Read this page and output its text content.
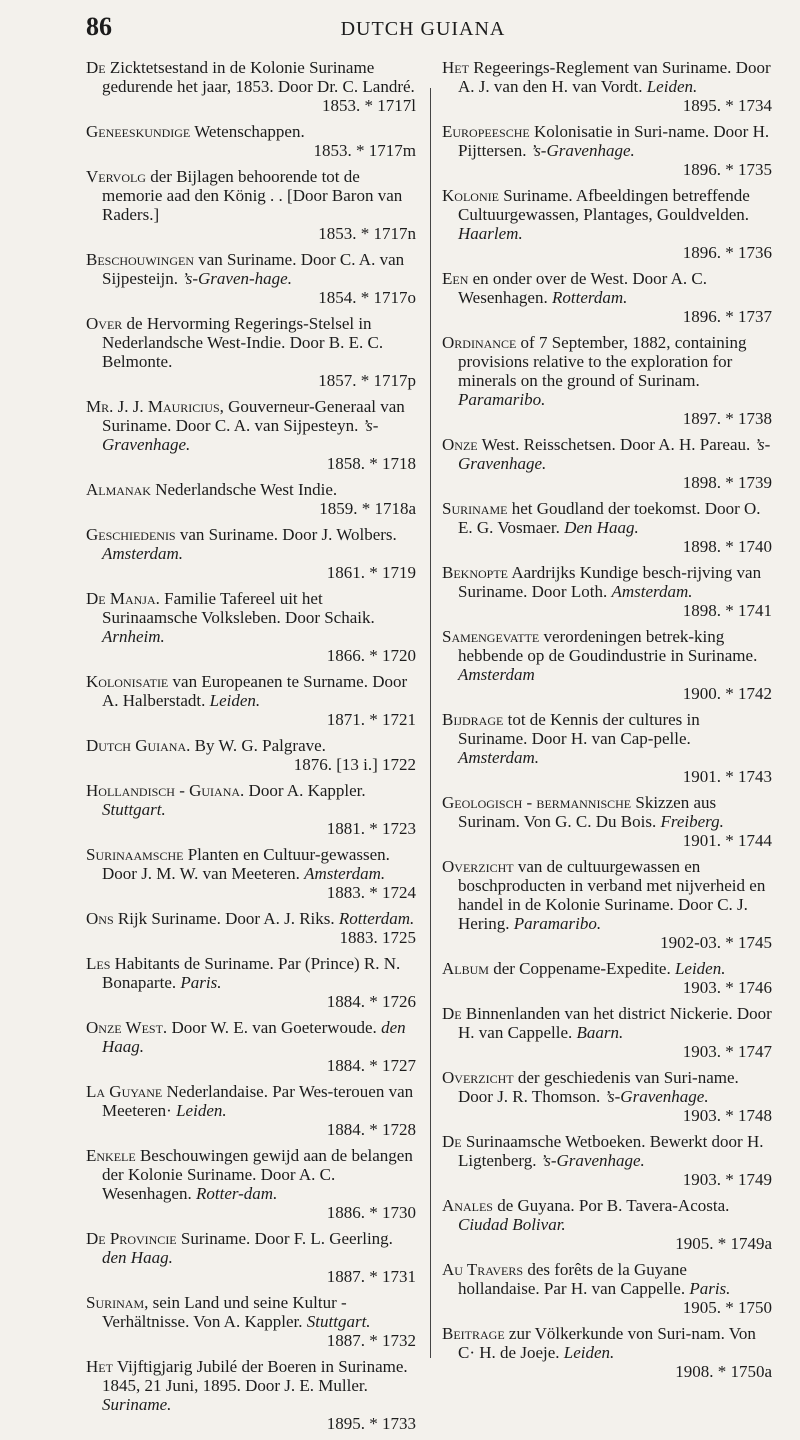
86	DUTCH GUIANA
De Zicktetsestand in de Kolonie Suriname gedurende het jaar, 1853. Door Dr. C. Landré.
1853. * 1717l
Geneeskundige Wetenschappen.
1853. * 1717m
Vervolg der Bijlagen behoorende tot de memorie aad den König . . [Door Baron van Raders.]
1853. * 1717n
Beschouwingen van Suriname. Door C. A. van Sijpesteijn. ’s-Graven-hage.
1854. * 1717o
Over de Hervorming Regerings-Stelsel in Nederlandsche West-Indie. Door B. E. C. Belmonte.
1857. * 1717p
Mr. J. J. Mauricius, Gouverneur-Generaal van Suriname. Door C. A. van Sijpesteyn. ’s-Gravenhage.
1858. * 1718
Almanak Nederlandsche West Indie.
1859. * 1718a
Geschiedenis van Suriname. Door J. Wolbers. Amsterdam.
1861. * 1719
De Manja. Familie Tafereel uit het Surinaamsche Volksleben. Door Schaik. Arnheim.
1866. * 1720
Kolonisatie van Europeanen te Surname. Door A. Halberstadt. Leiden.
1871. * 1721
Dutch Guiana. By W. G. Palgrave.
1876. [13 i.] 1722
Hollandisch - Guiana. Door A. Kappler. Stuttgart.
1881. * 1723
Surinaamsche Planten en Cultuur-gewassen. Door J. M. W. van Meeteren. Amsterdam.
1883. * 1724
Ons Rijk Suriname. Door A. J. Riks. Rotterdam.
1883. 1725
Les Habitants de Suriname. Par (Prince) R. N. Bonaparte. Paris.
1884. * 1726
Onze West. Door W. E. van Goeterwoude. den Haag.
1884. * 1727
La Guyane Nederlandaise. Par Wes-terouen van Meeteren· Leiden.
1884. * 1728
Enkele Beschouwingen gewijd aan de belangen der Kolonie Suriname. Door A. C. Wesenhagen. Rotter-dam.
1886. * 1730
De Provincie Suriname. Door F. L. Geerling. den Haag.
1887. * 1731
Surinam, sein Land und seine Kultur - Verhältnisse. Von A. Kappler. Stuttgart.
1887. * 1732
Het Vijftigjarig Jubilé der Boeren in Suriname. 1845, 21 Juni, 1895. Door J. E. Muller. Suriname.
1895. * 1733
Het Regeerings-Reglement van Suriname. Door A. J. van den H. van Vordt. Leiden.
1895. * 1734
Europeesche Kolonisatie in Suri-name. Door H. Pijttersen. ’s-Gravenhage.
1896. * 1735
Kolonie Suriname. Afbeeldingen betreffende Cultuurgewassen, Plantages, Gouldvelden. Haarlem.
1896. * 1736
Een en onder over de West. Door A. C. Wesenhagen. Rotterdam.
1896. * 1737
Ordinance of 7 September, 1882, containing provisions relative to the exploration for minerals on the ground of Surinam. Paramaribo.
1897. * 1738
Onze West. Reisschetsen. Door A. H. Pareau. ’s-Gravenhage.
1898. * 1739
Suriname het Goudland der toekomst. Door O. E. G. Vosmaer. Den Haag.
1898. * 1740
Beknopte Aardrijks Kundige besch-rijving van Suriname. Door Loth. Amsterdam.
1898. * 1741
Samengevatte verordeningen betrek-king hebbende op de Goudindustrie in Suriname. Amsterdam
1900. * 1742
Bijdrage tot de Kennis der cultures in Suriname. Door H. van Cap-pelle. Amsterdam.
1901. * 1743
Geologisch - bermannische Skizzen aus Surinam. Von G. C. Du Bois. Freiberg.
1901. * 1744
Overzicht van de cultuurgewassen en boschproducten in verband met nijverheid en handel in de Kolonie Suriname. Door C. J. Hering. Paramaribo.
1902-03. * 1745
Album der Coppename-Expedite. Leiden.
1903. * 1746
De Binnenlanden van het district Nickerie. Door H. van Cappelle. Baarn.
1903. * 1747
Overzicht der geschiedenis van Suri-name. Door J. R. Thomson. ’s-Gravenhage.
1903. * 1748
De Surinaamsche Wetboeken. Bewerkt door H. Ligtenberg. ’s-Gravenhage.
1903. * 1749
Anales de Guyana. Por B. Tavera-Acosta. Ciudad Bolivar.
1905. * 1749a
Au Travers des forêts de la Guyane hollandaise. Par H. van Cappelle. Paris.
1905. * 1750
Beitrage zur Völkerkunde von Suri-nam. Von C· H. de Joeje. Leiden.
1908. * 1750a
